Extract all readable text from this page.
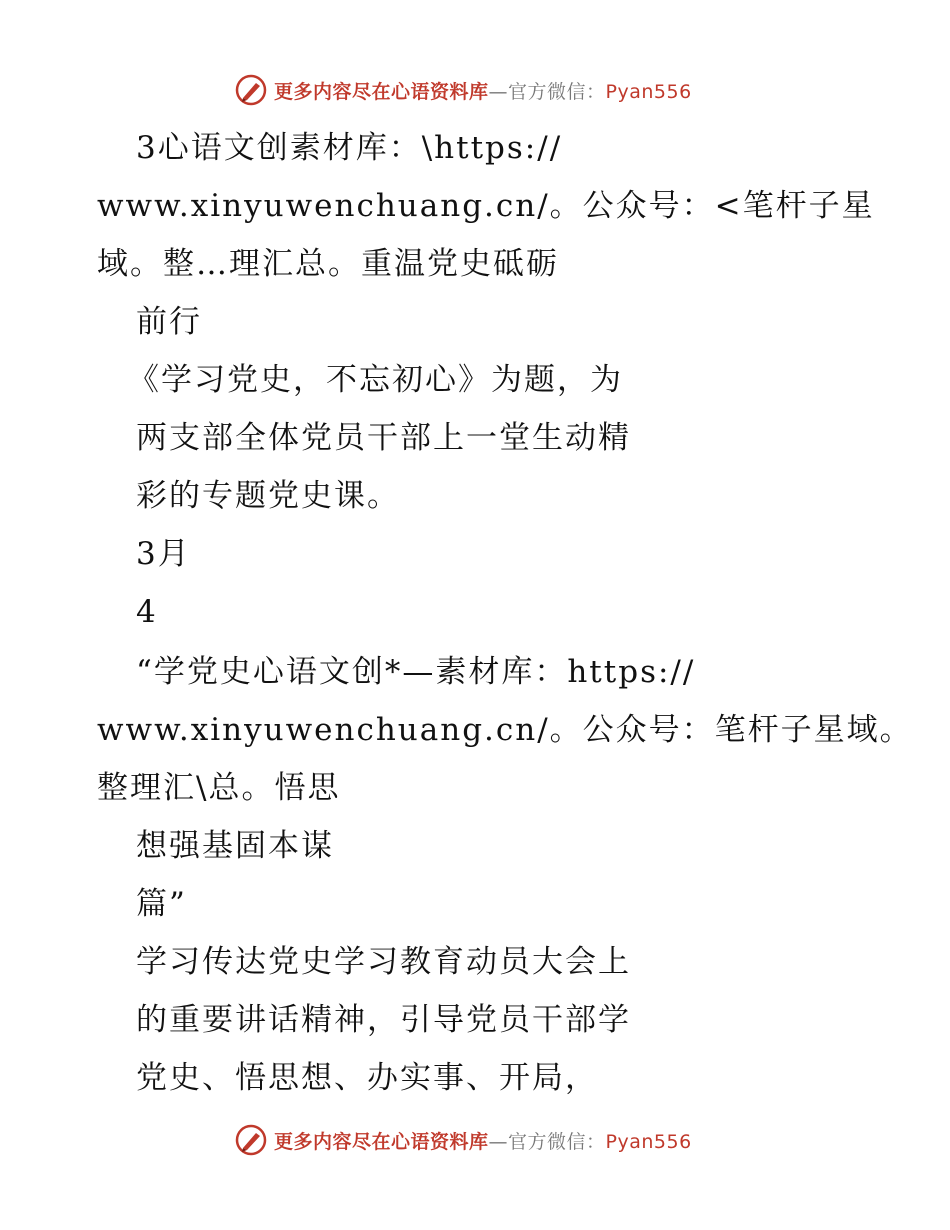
更多内容尽在心语资料库—官方微信：Pyan556
3心语文创素材库：\https://
www.xinyuwenchuang.cn/。公众号：<笔杆子星
域。整…理汇总。重温党史砥砺
前行
《学习党史，不忘初心》为题，为
两支部全体党员干部上一堂生动精
彩的专题党史课。
3月
4
“学党史心语文创*—素材库：https://
www.xinyuwenchuang.cn/。公众号：笔杆子星域。
整理汇\总。悟思
想强基固本谋
篇”
学习传达党史学习教育动员大会上
的重要讲话精神，引导党员干部学
党史、悟思想、办实事、开局，
更多内容尽在心语资料库—官方微信：Pyan556
